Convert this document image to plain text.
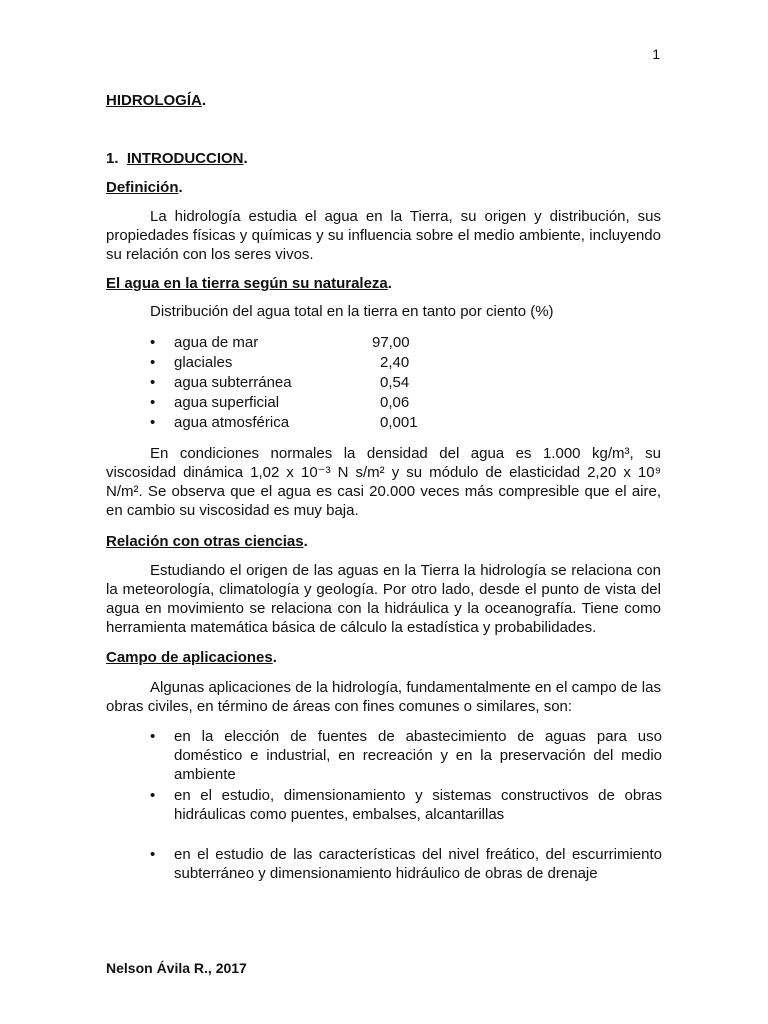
1
HIDROLOGÍA.
1. INTRODUCCION.
Definición.
La hidrología estudia el agua en la Tierra, su origen y distribución, sus propiedades físicas y químicas y su influencia sobre el medio ambiente, incluyendo su relación con los seres vivos.
El agua en la tierra según su naturaleza.
Distribución del agua total en la tierra en tanto por ciento (%)
•	agua de mar	97,00
•	glaciales	2,40
•	agua subterránea	0,54
•	agua superficial	0,06
•	agua atmosférica	0,001
En condiciones normales la densidad del agua es 1.000 kg/m³, su viscosidad dinámica 1,02 x 10⁻³ N s/m² y su módulo de elasticidad 2,20 x 10⁹ N/m². Se observa que el agua es casi 20.000 veces más compresible que el aire, en cambio su viscosidad es muy baja.
Relación con otras ciencias.
Estudiando el origen de las aguas en la Tierra la hidrología se relaciona con la meteorología, climatología y geología. Por otro lado, desde el punto de vista del agua en movimiento se relaciona con la hidráulica y la oceanografía. Tiene como herramienta matemática básica de cálculo la estadística y probabilidades.
Campo de aplicaciones.
Algunas aplicaciones de la hidrología, fundamentalmente en el campo de las obras civiles, en término de áreas con fines comunes o similares, son:
•	en la elección de fuentes de abastecimiento de aguas para uso doméstico e industrial, en recreación y en la preservación del medio ambiente
•	en el estudio, dimensionamiento y sistemas constructivos de obras hidráulicas como puentes, embalses, alcantarillas
•	en el estudio de las características del nivel freático, del escurrimiento subterráneo y dimensionamiento hidráulico de obras de drenaje
Nelson Ávila R., 2017
